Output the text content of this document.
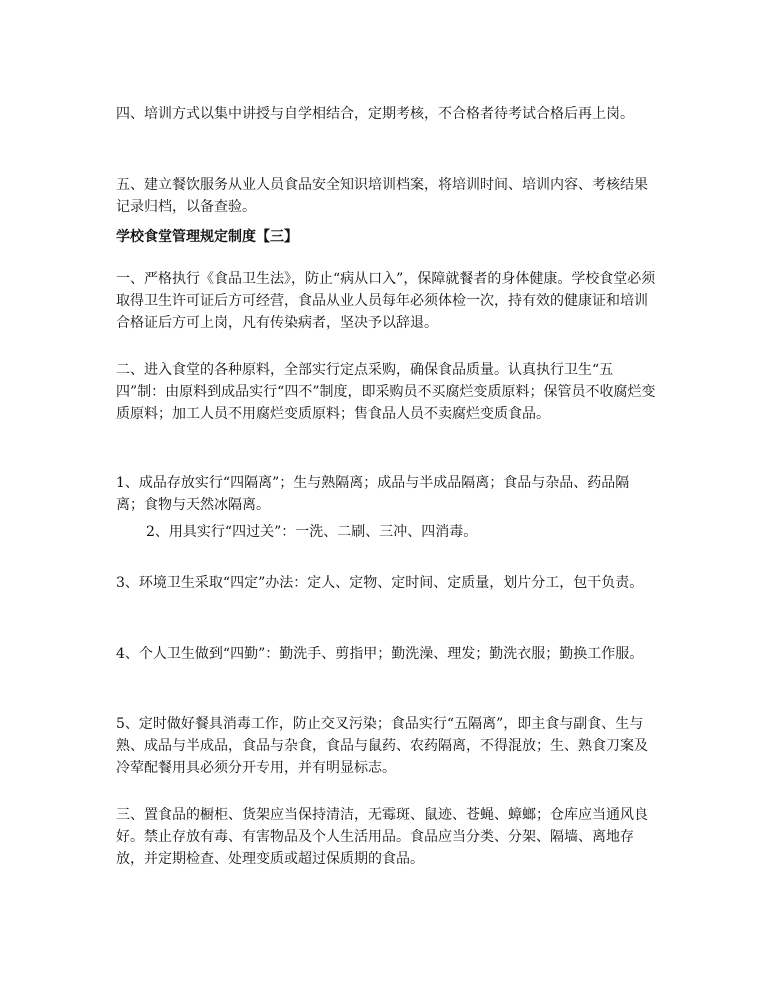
四、培训方式以集中讲授与自学相结合，定期考核，不合格者待考试合格后再上岗。

五、建立餐饮服务从业人员食品安全知识培训档案，将培训时间、培训内容、考核结果记录归档，以备查验。

学校食堂管理规定制度【三】

一、严格执行《食品卫生法》，防止“病从口入”，保障就餐者的身体健康。学校食堂必须取得卫生许可证后方可经营，食品从业人员每年必须体检一次，持有效的健康证和培训合格证后方可上岗，凡有传染病者，坚决予以辞退。

二、进入食堂的各种原料，全部实行定点采购，确保食品质量。认真执行卫生“五四”制：由原料到成品实行“四不”制度，即采购员不买腐烂变质原料；保管员不收腐烂变质原料；加工人员不用腐烂变质原料；售食品人员不卖腐烂变质食品。

1、成品存放实行“四隔离”；生与熟隔离；成品与半成品隔离；食品与杂品、药品隔离；食物与天然冰隔离。

2、用具实行“四过关”：一洗、二刷、三冲、四消毒。

3、环境卫生采取“四定”办法：定人、定物、定时间、定质量，划片分工，包干负责。

4、个人卫生做到“四勤”：勤洗手、剪指甲；勤洗澡、理发；勤洗衣服；勤换工作服。

5、定时做好餐具消毒工作，防止交叉污染；食品实行“五隔离”，即主食与副食、生与熟、成品与半成品，食品与杂食，食品与鼠药、农药隔离，不得混放；生、熟食刀案及冷荤配餐用具必须分开专用，并有明显标志。

三、置食品的橱柜、货架应当保持清洁，无霉斑、鼠迹、苍蝇、蟑螂；仓库应当通风良好。禁止存放有毒、有害物品及个人生活用品。食品应当分类、分架、隔墙、离地存放，并定期检查、处理变质或超过保质期的食品。
